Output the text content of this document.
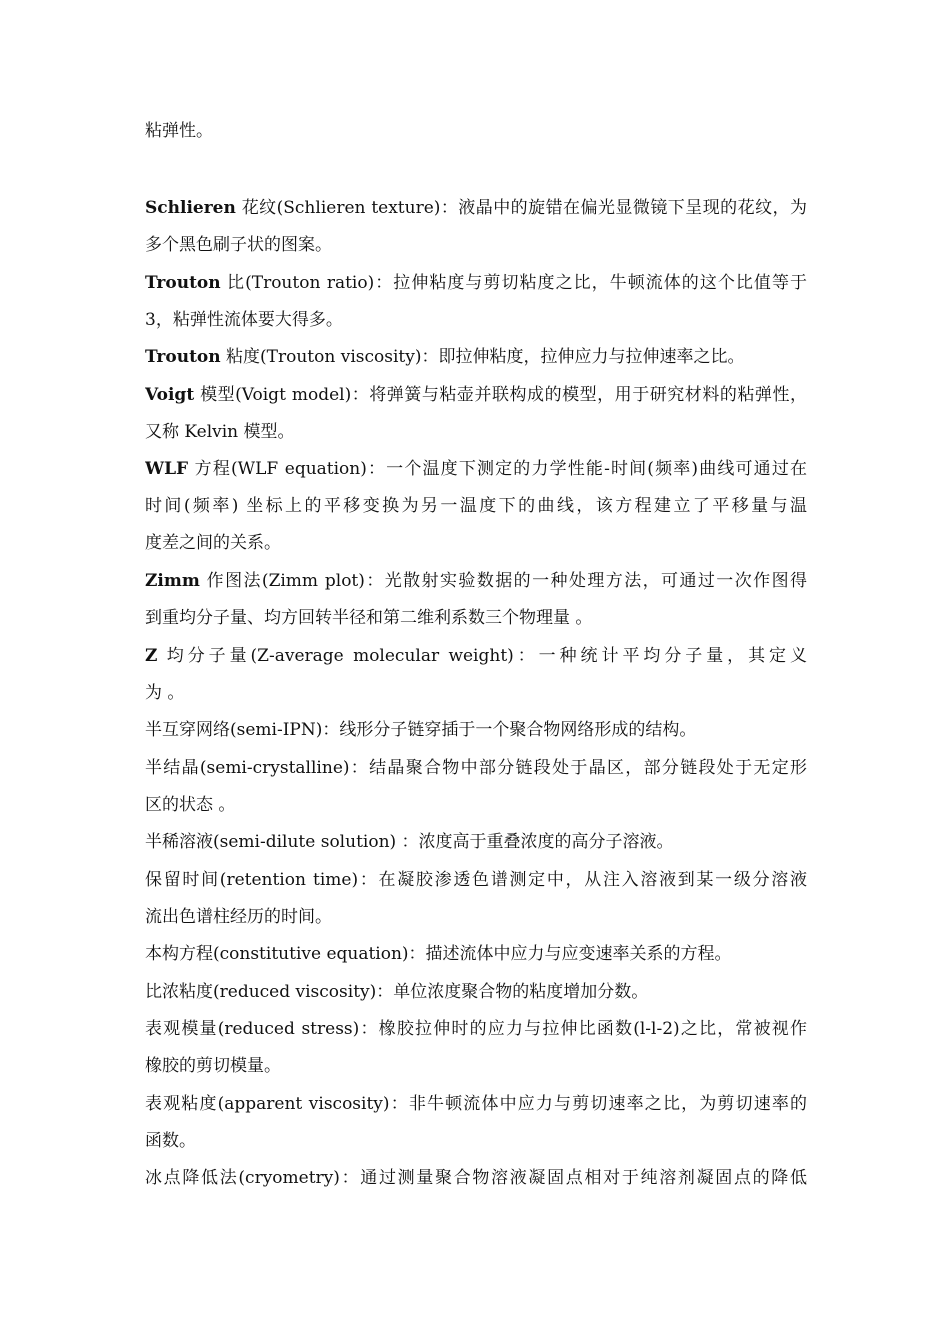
粘弹性。
Schlieren 花纹(Schlieren texture)：液晶中的旋错在偏光显微镜下呈现的花纹，为
多个黑色刷子状的图案。
Trouton 比(Trouton ratio)：拉伸粘度与剪切粘度之比，牛顿流体的这个比值等于
3，粘弹性流体要大得多。
Trouton 粘度(Trouton viscosity)：即拉伸粘度，拉伸应力与拉伸速率之比。
Voigt 模型(Voigt model)：将弹簧与粘壶并联构成的模型，用于研究材料的粘弹性，
又称 Kelvin 模型。
WLF 方程(WLF equation)：一个温度下测定的力学性能-时间(频率)曲线可通过在
时间(频率) 坐标上的平移变换为另一温度下的曲线，该方程建立了平移量与温
度差之间的关系。
Zimm 作图法(Zimm plot)：光散射实验数据的一种处理方法，可通过一次作图得
到重均分子量、均方回转半径和第二维利系数三个物理量 。
Z 均分子量(Z-average molecular weight)：一种统计平均分子量，其定义
为 。
半互穿网络(semi-IPN)：线形分子链穿插于一个聚合物网络形成的结构。
半结晶(semi-crystalline)：结晶聚合物中部分链段处于晶区，部分链段处于无定形
区的状态 。
半稀溶液(semi-dilute solution) ：浓度高于重叠浓度的高分子溶液。
保留时间(retention time)：在凝胶渗透色谱测定中，从注入溶液到某一级分溶液
流出色谱柱经历的时间。
本构方程(constitutive equation)：描述流体中应力与应变速率关系的方程。
比浓粘度(reduced viscosity)：单位浓度聚合物的粘度增加分数。
表观模量(reduced stress)：橡胶拉伸时的应力与拉伸比函数(l-l-2)之比，常被视作
橡胶的剪切模量。
表观粘度(apparent viscosity)：非牛顿流体中应力与剪切速率之比，为剪切速率的
函数。
冰点降低法(cryometry)：通过测量聚合物溶液凝固点相对于纯溶剂凝固点的降低
